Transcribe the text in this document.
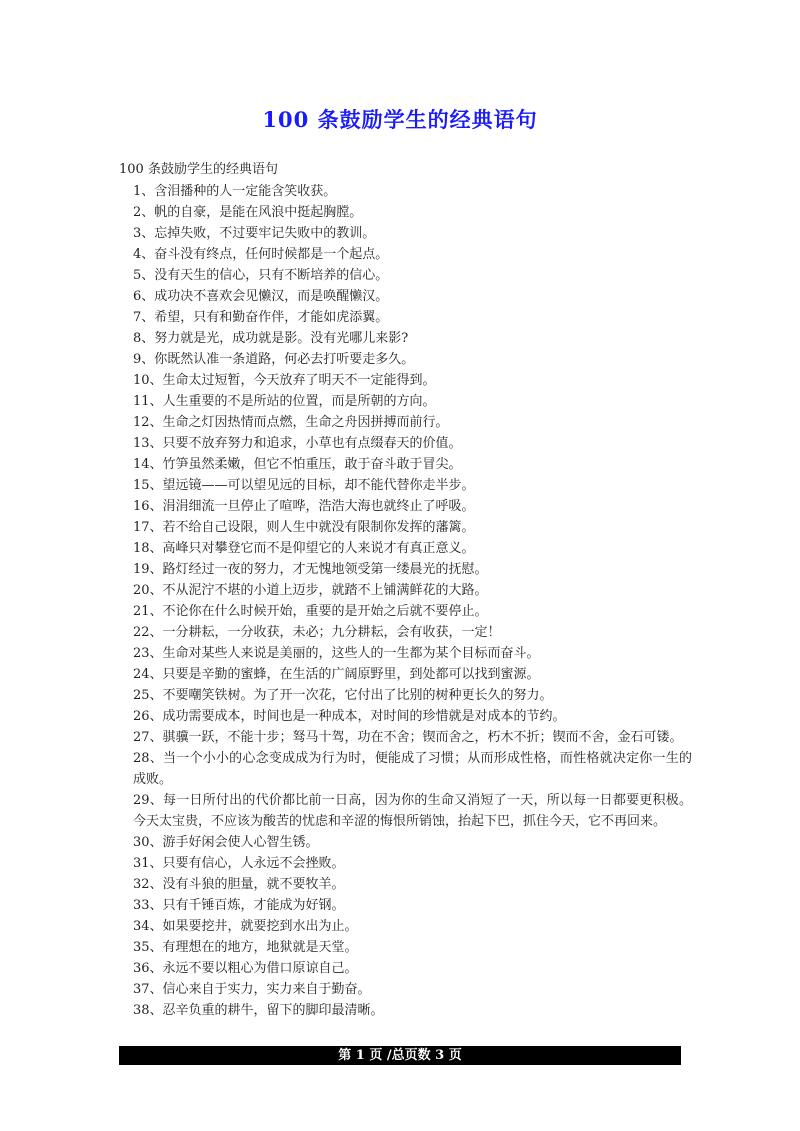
100 条鼓励学生的经典语句

100 条鼓励学生的经典语句

1、含泪播种的人一定能含笑收获。
2、帆的自豪，是能在风浪中挺起胸膛。
3、忘掉失败，不过要牢记失败中的教训。
4、奋斗没有终点，任何时候都是一个起点。
5、没有天生的信心，只有不断培养的信心。
6、成功决不喜欢会见懒汉，而是唤醒懒汉。
7、希望，只有和勤奋作伴，才能如虎添翼。
8、努力就是光，成功就是影。没有光哪儿来影?
9、你既然认准一条道路，何必去打听要走多久。
10、生命太过短暂，今天放弃了明天不一定能得到。
11、人生重要的不是所站的位置，而是所朝的方向。
12、生命之灯因热情而点燃，生命之舟因拼搏而前行。
13、只要不放弃努力和追求，小草也有点缀春天的价值。
14、竹笋虽然柔嫩，但它不怕重压，敢于奋斗敢于冒尖。
15、望远镜——可以望见远的目标，却不能代替你走半步。
16、涓涓细流一旦停止了喧哗，浩浩大海也就终止了呼吸。
17、若不给自己设限，则人生中就没有限制你发挥的藩篱。
18、高峰只对攀登它而不是仰望它的人来说才有真正意义。
19、路灯经过一夜的努力，才无愧地领受第一缕晨光的抚慰。
20、不从泥泞不堪的小道上迈步，就踏不上铺满鲜花的大路。
21、不论你在什么时候开始，重要的是开始之后就不要停止。
22、一分耕耘，一分收获，未必；九分耕耘，会有收获，一定！
23、生命对某些人来说是美丽的，这些人的一生都为某个目标而奋斗。
24、只要是辛勤的蜜蜂，在生活的广阔原野里，到处都可以找到蜜源。
25、不要嘲笑铁树。为了开一次花，它付出了比别的树种更长久的努力。
26、成功需要成本，时间也是一种成本，对时间的珍惜就是对成本的节约。
27、骐骥一跃，不能十步；驽马十驾，功在不舍；锲而舍之，朽木不折；锲而不舍，金石可镂。
28、当一个小小的心念变成成为行为时，便能成了习惯；从而形成性格，而性格就决定你一生的成败。
29、每一日所付出的代价都比前一日高，因为你的生命又消短了一天，所以每一日都要更积极。今天太宝贵，不应该为酸苦的忧虑和辛涩的悔恨所销蚀，抬起下巴，抓住今天，它不再回来。
30、游手好闲会使人心智生锈。
31、只要有信心，人永远不会挫败。
32、没有斗狼的胆量，就不要牧羊。
33、只有千锤百炼，才能成为好钢。
34、如果要挖井，就要挖到水出为止。
35、有理想在的地方，地狱就是天堂。
36、永远不要以粗心为借口原谅自己。
37、信心来自于实力，实力来自于勤奋。
38、忍辛负重的耕牛，留下的脚印最清晰。
第 1 页 /总页数 3 页
